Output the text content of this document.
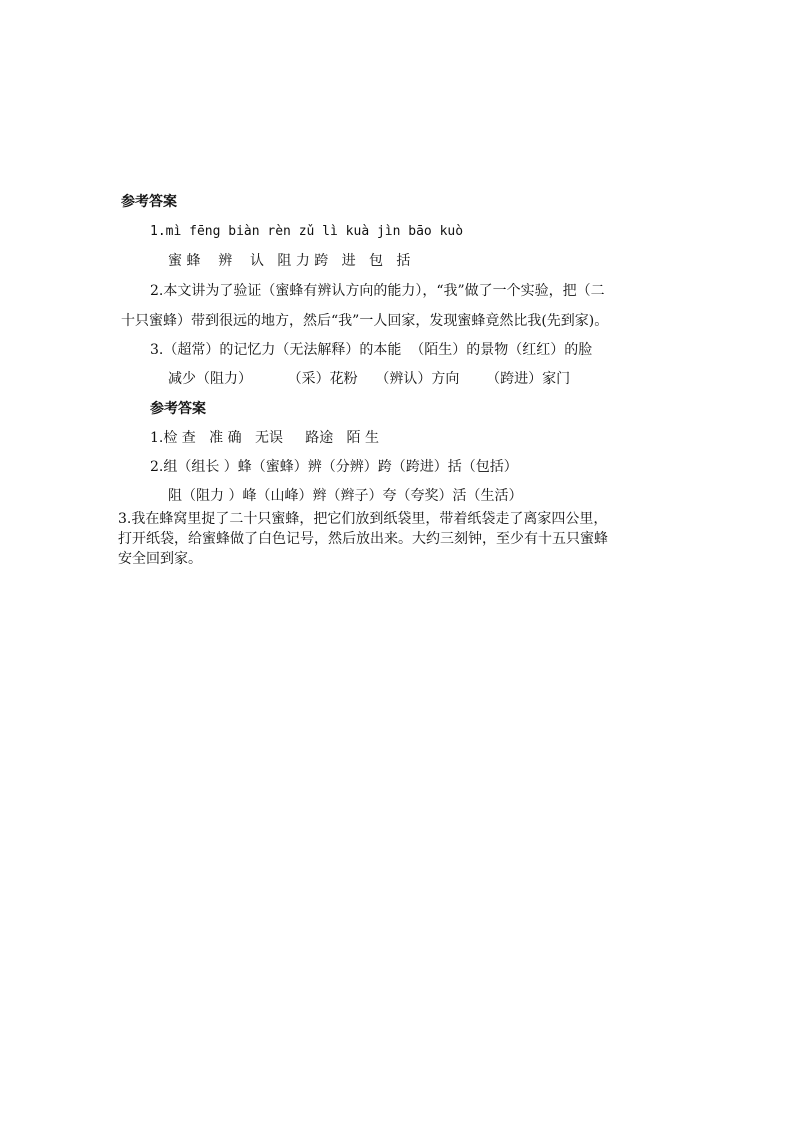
参考答案
1.mì fēng biàn rèn zǔ lì kuà jìn bāo kuò
蜜 蜂    辨    认   阻 力 跨   进   包   括
2.本文讲为了验证（蜜蜂有辨认方向的能力），“我”做了一个实验，把（二
十只蜜蜂）带到很远的地方，然后“我”一人回家，发现蜜蜂竟然比我(先到家)。
3.（超常）的记忆力（无法解释）的本能  （陌生）的景物（红红）的脸
减少（阻力）        （采）花粉    （辨认）方向      （跨进）家门
参考答案
1.检 查   准 确   无误     路途   陌 生
2.组（组长 ）蜂（蜜蜂）辨（分辨）跨（跨进）括（包括）
阻（阻力 ）峰（山峰）辫（辫子）夸（夸奖）活（生活）
3.我在蜂窝里捉了二十只蜜蜂，把它们放到纸袋里，带着纸袋走了离家四公里，
打开纸袋，给蜜蜂做了白色记号，然后放出来。大约三刻钟，至少有十五只蜜蜂
安全回到家。
